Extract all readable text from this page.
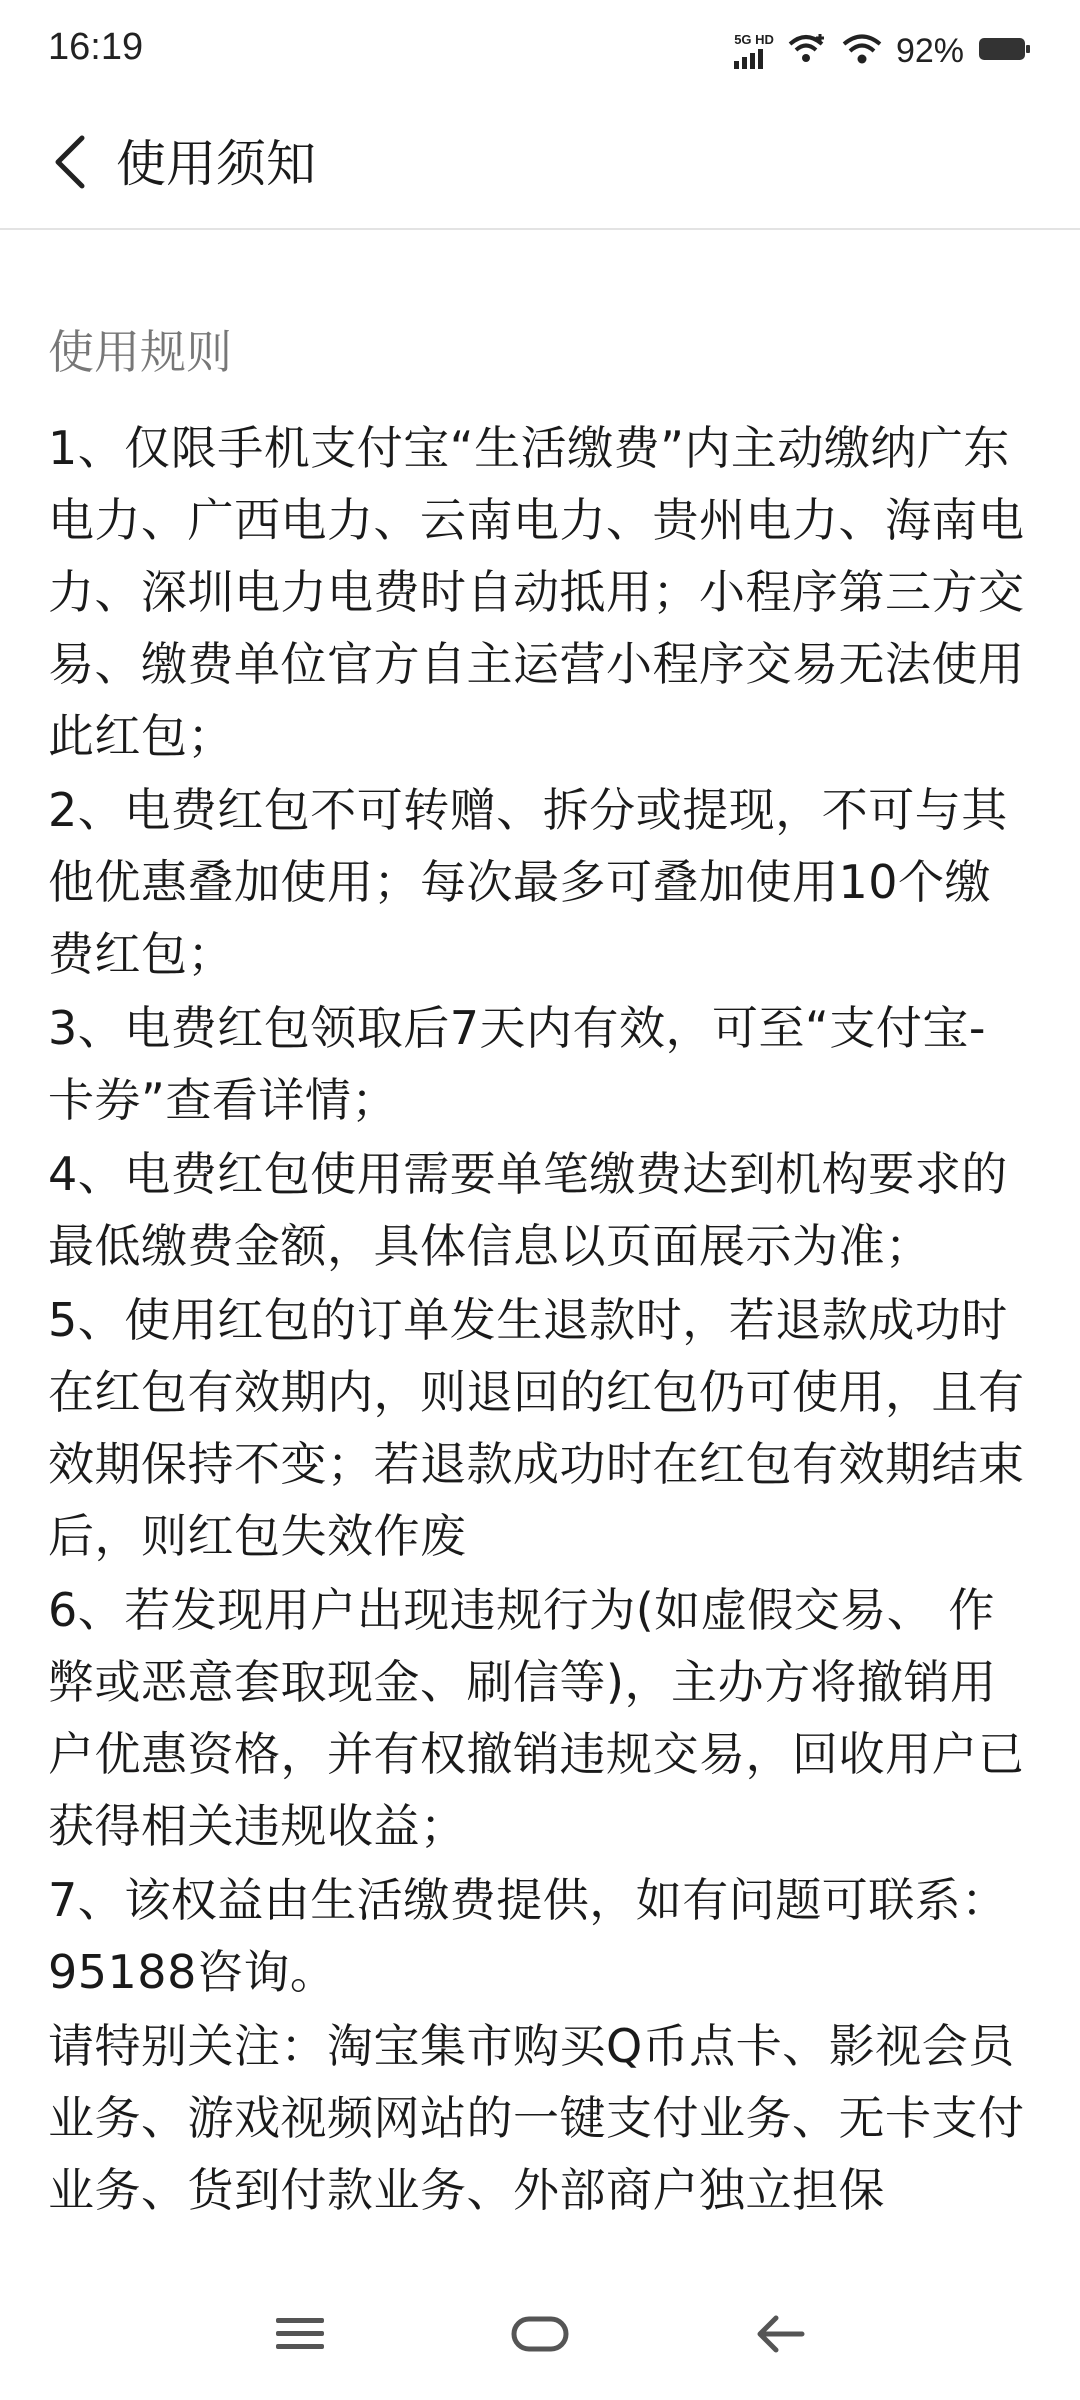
16:19	5G HD	92%
使用须知
使用规则

1、仅限手机支付宝“生活缴费”内主动缴纳广东电力、广西电力、云南电力、贵州电力、海南电力、深圳电力电费时自动抵用；小程序第三方交易、缴费单位官方自主运营小程序交易无法使用此红包；

2、电费红包不可转赠、拆分或提现，不可与其他优惠叠加使用；每次最多可叠加使用10个缴费红包；

3、电费红包领取后7天内有效，可至“支付宝-卡券”查看详情；

4、电费红包使用需要单笔缴费达到机构要求的最低缴费金额，具体信息以页面展示为准；

5、使用红包的订单发生退款时，若退款成功时在红包有效期内，则退回的红包仍可使用，且有效期保持不变；若退款成功时在红包有效期结束后，则红包失效作废

6、若发现用户出现违规行为(如虚假交易、 作弊或恶意套取现金、刷信等)，主办方将撤销用户优惠资格，并有权撤销违规交易，回收用户已获得相关违规收益；

7、该权益由生活缴费提供，如有问题可联系：95188咨询。

请特别关注：淘宝集市购买Q币点卡、影视会员业务、游戏视频网站的一键支付业务、无卡支付业务、货到付款业务、外部商户独立担保
